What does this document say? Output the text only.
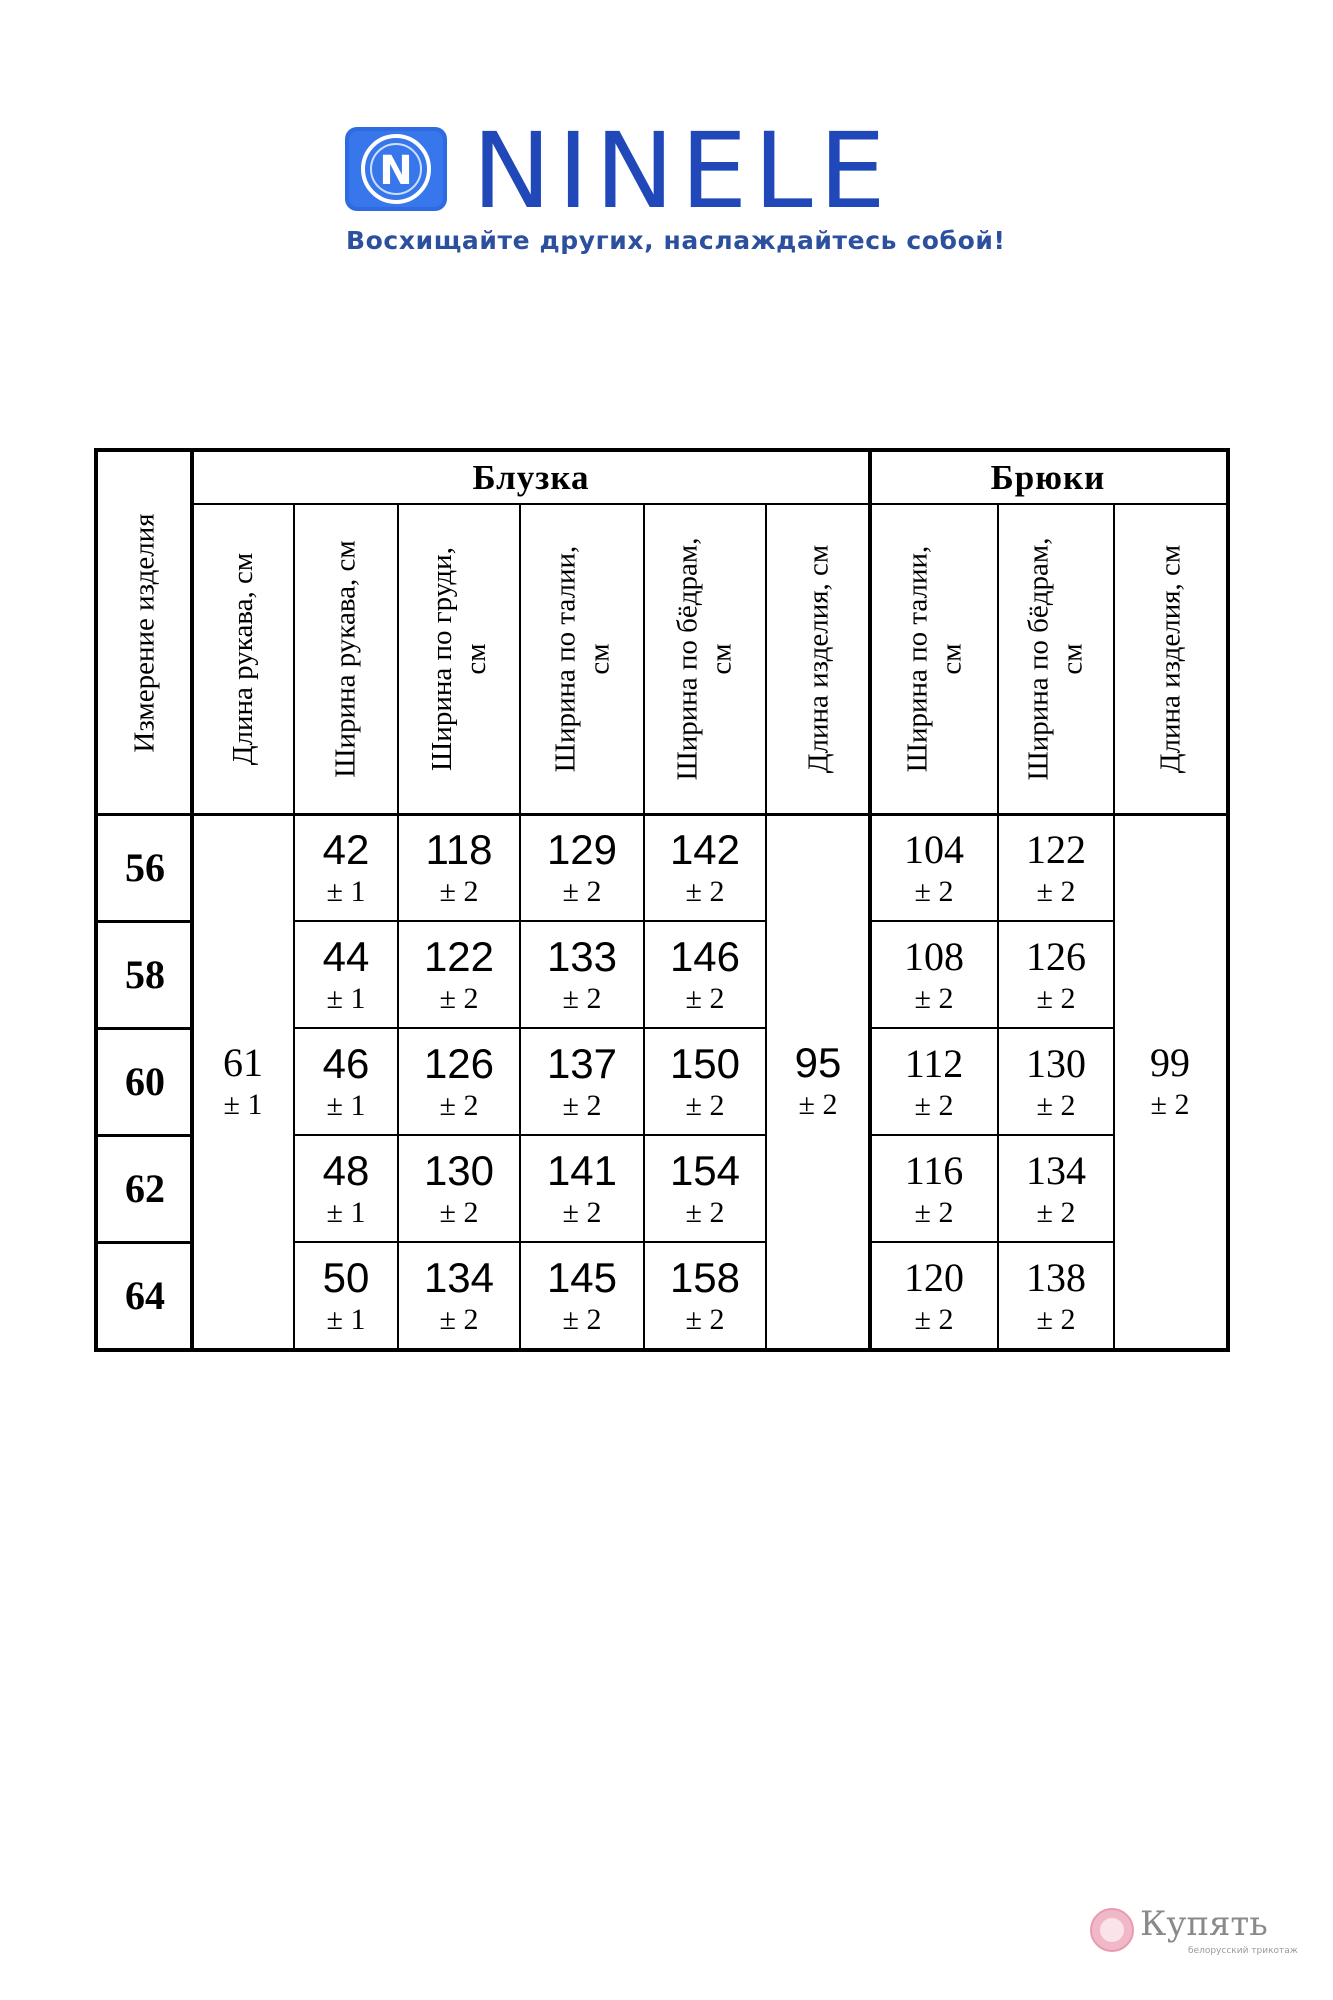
N NINELE
Восхищайте других, наслаждайтесь собой!
Измерение изделия
Блузка	Брюки
Длина рукава, см Ширина рукава, см Ширина по груди,
см
Ширина по талии,
см
Ширина по бёдрам,
см Длина изделия, см Ширина по талии,
см
Ширина по бёдрам,
см Длина изделия, см
56
58
60
62
64
61
± 1
95
± 2
99
± 2
42
± 1
118
± 2
129
± 2
142
± 2
104
± 2
122
± 2
44
± 1
122
± 2
133
± 2
146
± 2
108
± 2
126
± 2
46
± 1
126
± 2
137
± 2
150
± 2
112
± 2
130
± 2
48
± 1
130
± 2
141
± 2
154
± 2
116
± 2
134
± 2
50
± 1
134
± 2
145
± 2
158
± 2
120
± 2
138
± 2
Купять
белорусский трикотаж
